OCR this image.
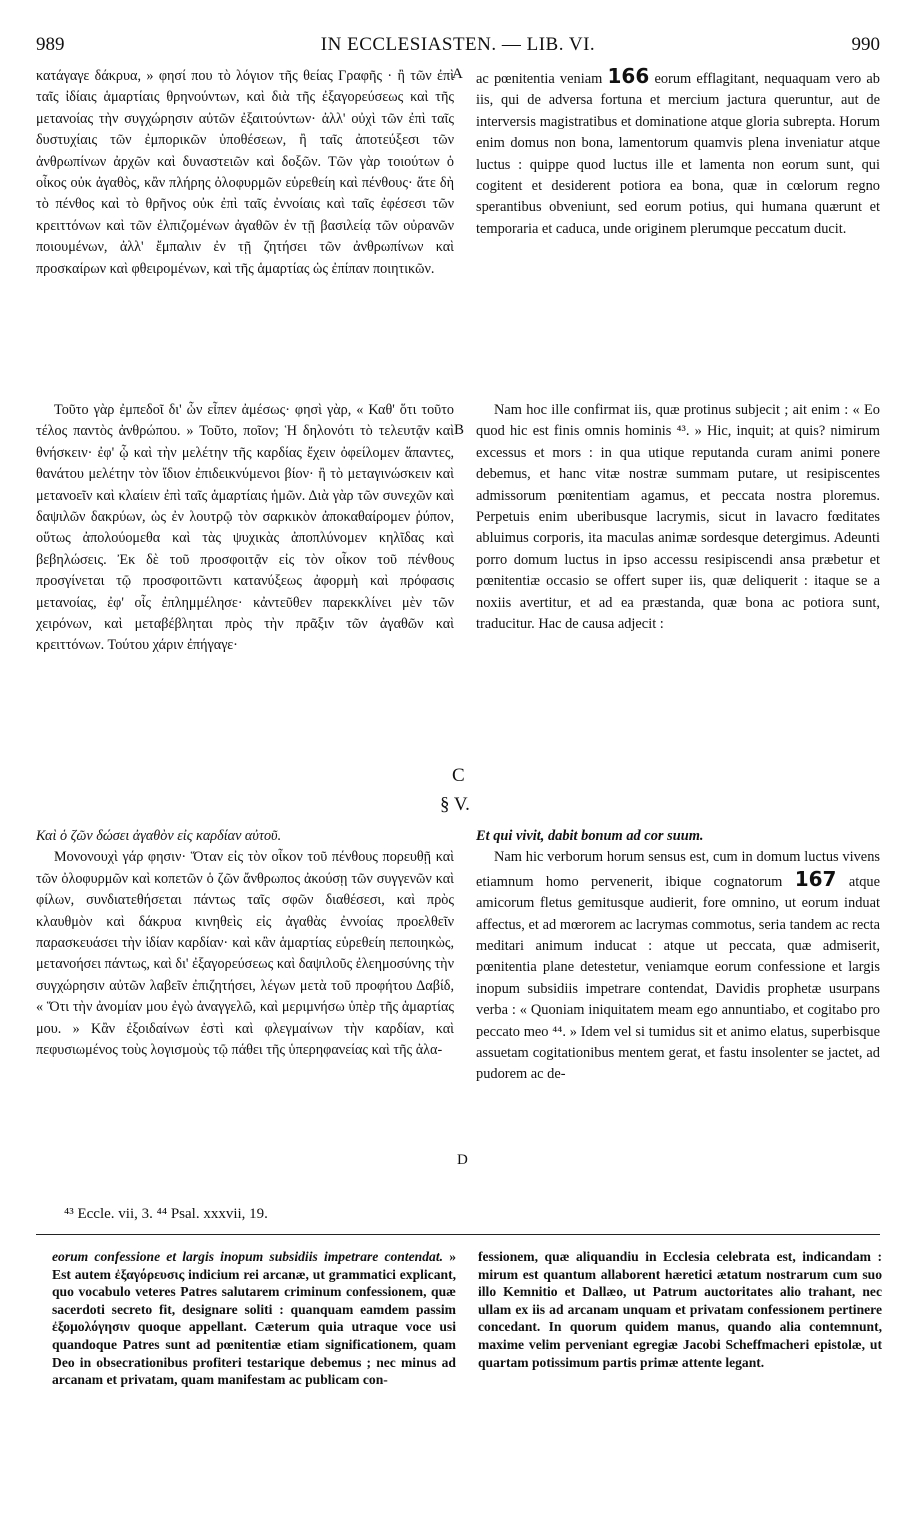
989	IN ECCLESIASTEN. — LIB. VI.	990

κατάγαγε δάκρυα, » φησί που τὸ λόγιον τῆς θείας Γραφῆς · ἢ τῶν ἐπὶ ταῖς ἰδίαις ἁμαρτίαις θρηνούντων, καὶ διὰ τῆς ἐξαγορεύσεως καὶ τῆς μετανοίας τὴν συγχώρησιν αὐτῶν ἐξαιτούντων· ἀλλ' οὐχὶ τῶν ἐπὶ ταῖς δυστυχίαις τῶν ἐμπορικῶν ὑποθέσεων, ἢ ταῖς ἀποτεύξεσι τῶν ἀνθρωπίνων ἀρχῶν καὶ δυναστειῶν καὶ δοξῶν. Τῶν γὰρ τοιούτων ὁ οἶκος οὐκ ἀγαθὸς, κἂν πλήρης ὀλοφυρμῶν εὑρεθείη καὶ πένθους· ἅτε δὴ τὸ πένθος καὶ τὸ θρῆνος οὐκ ἐπὶ ταῖς ἐννοίαις καὶ ταῖς ἐφέσεσι τῶν κρειττόνων καὶ τῶν ἐλπιζομένων ἀγαθῶν ἐν τῇ βασιλείᾳ τῶν οὐρανῶν ποιουμένων, ἀλλ' ἔμπαλιν ἐν τῇ ζητήσει τῶν ἀνθρωπίνων καὶ προσκαίρων καὶ φθειρομένων, καὶ τῆς ἁμαρτίας ὡς ἐπίπαν ποιητικῶν.

Τοῦτο γὰρ ἐμπεδοῖ δι' ὧν εἶπεν ἀμέσως· φησὶ γὰρ, « Καθ' ὅτι τοῦτο τέλος παντὸς ἀνθρώπου. » Τοῦτο, ποῖον; Ἡ δηλονότι τὸ τελευτᾷν καὶ θνήσκειν· ἐφ' ᾧ καὶ τὴν μελέτην τῆς καρδίας ἔχειν ὀφείλομεν ἅπαντες, θανάτου μελέτην τὸν ἴδιον ἐπιδεικνύμενοι βίον· ἢ τὸ μεταγινώσκειν καὶ μετανοεῖν καὶ κλαίειν ἐπὶ ταῖς ἁμαρτίαις ἡμῶν. Διὰ γὰρ τῶν συνεχῶν καὶ δαψιλῶν δακρύων, ὡς ἐν λουτρῷ τὸν σαρκικὸν ἀποκαθαίρομεν ῥύπον, οὕτως ἀπολούομεθα καὶ τὰς ψυχικὰς ἀποπλύνομεν κηλῖδας καὶ βεβηλώσεις. Ἐκ δὲ τοῦ προσφοιτᾷν εἰς τὸν οἶκον τοῦ πένθους προσγίνεται τῷ προσφοιτῶντι κατανύξεως ἀφορμὴ καὶ πρόφασις μετανοίας, ἐφ' οἷς ἐπλημμέλησε· κἀντεῦθεν παρεκκλίνει μὲν τῶν χειρόνων, καὶ μεταβέβληται πρὸς τὴν πρᾶξιν τῶν ἀγαθῶν καὶ κρειττόνων. Τούτου χάριν ἐπήγαγε·

Καὶ ὁ ζῶν δώσει ἀγαθὸν εἰς καρδίαν αὐτοῦ.

Μονονουχὶ γάρ φησιν· Ὅταν εἰς τὸν οἶκον τοῦ πένθους πορευθῇ καὶ τῶν ὀλοφυρμῶν καὶ κοπετῶν ὁ ζῶν ἄνθρωπος ἀκούσῃ τῶν συγγενῶν καὶ φίλων, συνδιατεθήσεται πάντως ταῖς σφῶν διαθέσεσι, καὶ πρὸς κλαυθμὸν καὶ δάκρυα κινηθεὶς εἰς ἀγαθὰς ἐννοίας προελθεῖν παρασκευάσει τὴν ἰδίαν καρδίαν· καὶ κἂν ἁμαρτίας εὑρεθείη πεποιηκὼς, μετανοήσει πάντως, καὶ δι' ἐξαγορεύσεως καὶ δαψιλοῦς ἐλεημοσύνης τὴν συγχώρησιν αὐτῶν λαβεῖν ἐπιζητήσει, λέγων μετὰ τοῦ προφήτου Δαβίδ, « Ὅτι τὴν ἀνομίαν μου ἐγὼ ἀναγγελῶ, καὶ μεριμνήσω ὑπὲρ τῆς ἁμαρτίας μου. » Κἂν ἐξοιδαίνων ἐστὶ καὶ φλεγμαίνων τὴν καρδίαν, καὶ πεφυσιωμένος τοὺς λογισμοὺς τῷ πάθει τῆς ὑπερηφανείας καὶ τῆς ἀλα-

ac pœnitentia veniam 166 eorum efflagitant, nequaquam vero ab iis, qui de adversa fortuna et mercium jactura queruntur, aut de interversis magistratibus et dominatione atque gloria subrepta. Horum enim domus non bona, lamentorum quamvis plena inveniatur atque luctus : quippe quod luctus ille et lamenta non eorum sunt, qui cogitent et desiderent potiora ea bona, quæ in cœlorum regno sperantibus obveniunt, sed eorum potius, qui humana quærunt et temporaria et caduca, unde originem plerumque peccatum ducit.

Nam hoc ille confirmat iis, quæ protinus subjecit ; ait enim : « Eo quod hic est finis omnis hominis ⁴³. » Hic, inquit; at quis? nimirum excessus et mors : in qua utique reputanda curam animi ponere debemus, et hanc vitæ nostræ summam putare, ut resipiscentes admissorum pœnitentiam agamus, et peccata nostra ploremus. Perpetuis enim uberibusque lacrymis, sicut in lavacro fœditates abluimus corporis, ita maculas animæ sordesque detergimus. Adeunti porro domum luctus in ipso accessu resipiscendi ansa præbetur et pœnitentiæ occasio se offert super iis, quæ deliquerit : itaque se a noxiis avertitur, et ad ea præstanda, quæ bona ac potiora sunt, traducitur. Hac de causa adjecit :

Et qui vivit, dabit bonum ad cor suum.

Nam hic verborum horum sensus est, cum in domum luctus vivens etiamnum homo pervenerit, ibique cognatorum 167 atque amicorum fletus gemitusque audierit, fore omnino, ut eorum induat affectus, et ad mœrorem ac lacrymas commotus, seria tandem ac recta meditari animum inducat : atque ut peccata, quæ admiserit, pœnitentia plane detestetur, veniamque eorum confessione et largis inopum subsidiis impetrare contendat, Davidis prophetæ usurpans verba : « Quoniam iniquitatem meam ego annuntiabo, et cogitabo pro peccato meo ⁴⁴. » Idem vel si tumidus sit et animo elatus, superbisque assuetam cogitationibus mentem gerat, et fastu insolenter se jactet, ad pudorem ac de-

A
B
C
§ V.
D
⁴³ Eccle. vii, 3. ⁴⁴ Psal. xxxvii, 19.

eorum confessione et largis inopum subsidiis impetrare contendat. » Est autem ἐξαγόρευσις indicium rei arcanæ, ut grammatici explicant, quo vocabulo veteres Patres salutarem criminum confessionem, quæ sacerdoti secreto fit, designare soliti : quanquam eamdem passim ἐξομολόγησιν quoque appellant. Cæterum quia utraque voce usi quandoque Patres sunt ad pœnitentiæ etiam significationem, quam Deo in obsecrationibus profiteri testarique debemus ; nec minus ad arcanam et privatam, quam manifestam ac publicam con-

fessionem, quæ aliquandiu in Ecclesia celebrata est, indicandam : mirum est quantum allaborent hæretici ætatum nostrarum cum suo illo Kemnitio et Dallæo, ut Patrum auctoritates alio trahant, nec ullam ex iis ad arcanam unquam et privatam confessionem pertinere concedant. In quorum quidem manus, quando alia contemnunt, maxime velim perveniant egregiæ Jacobi Scheffmacheri epistolæ, ut quartam potissimum partis primæ attente legant.
